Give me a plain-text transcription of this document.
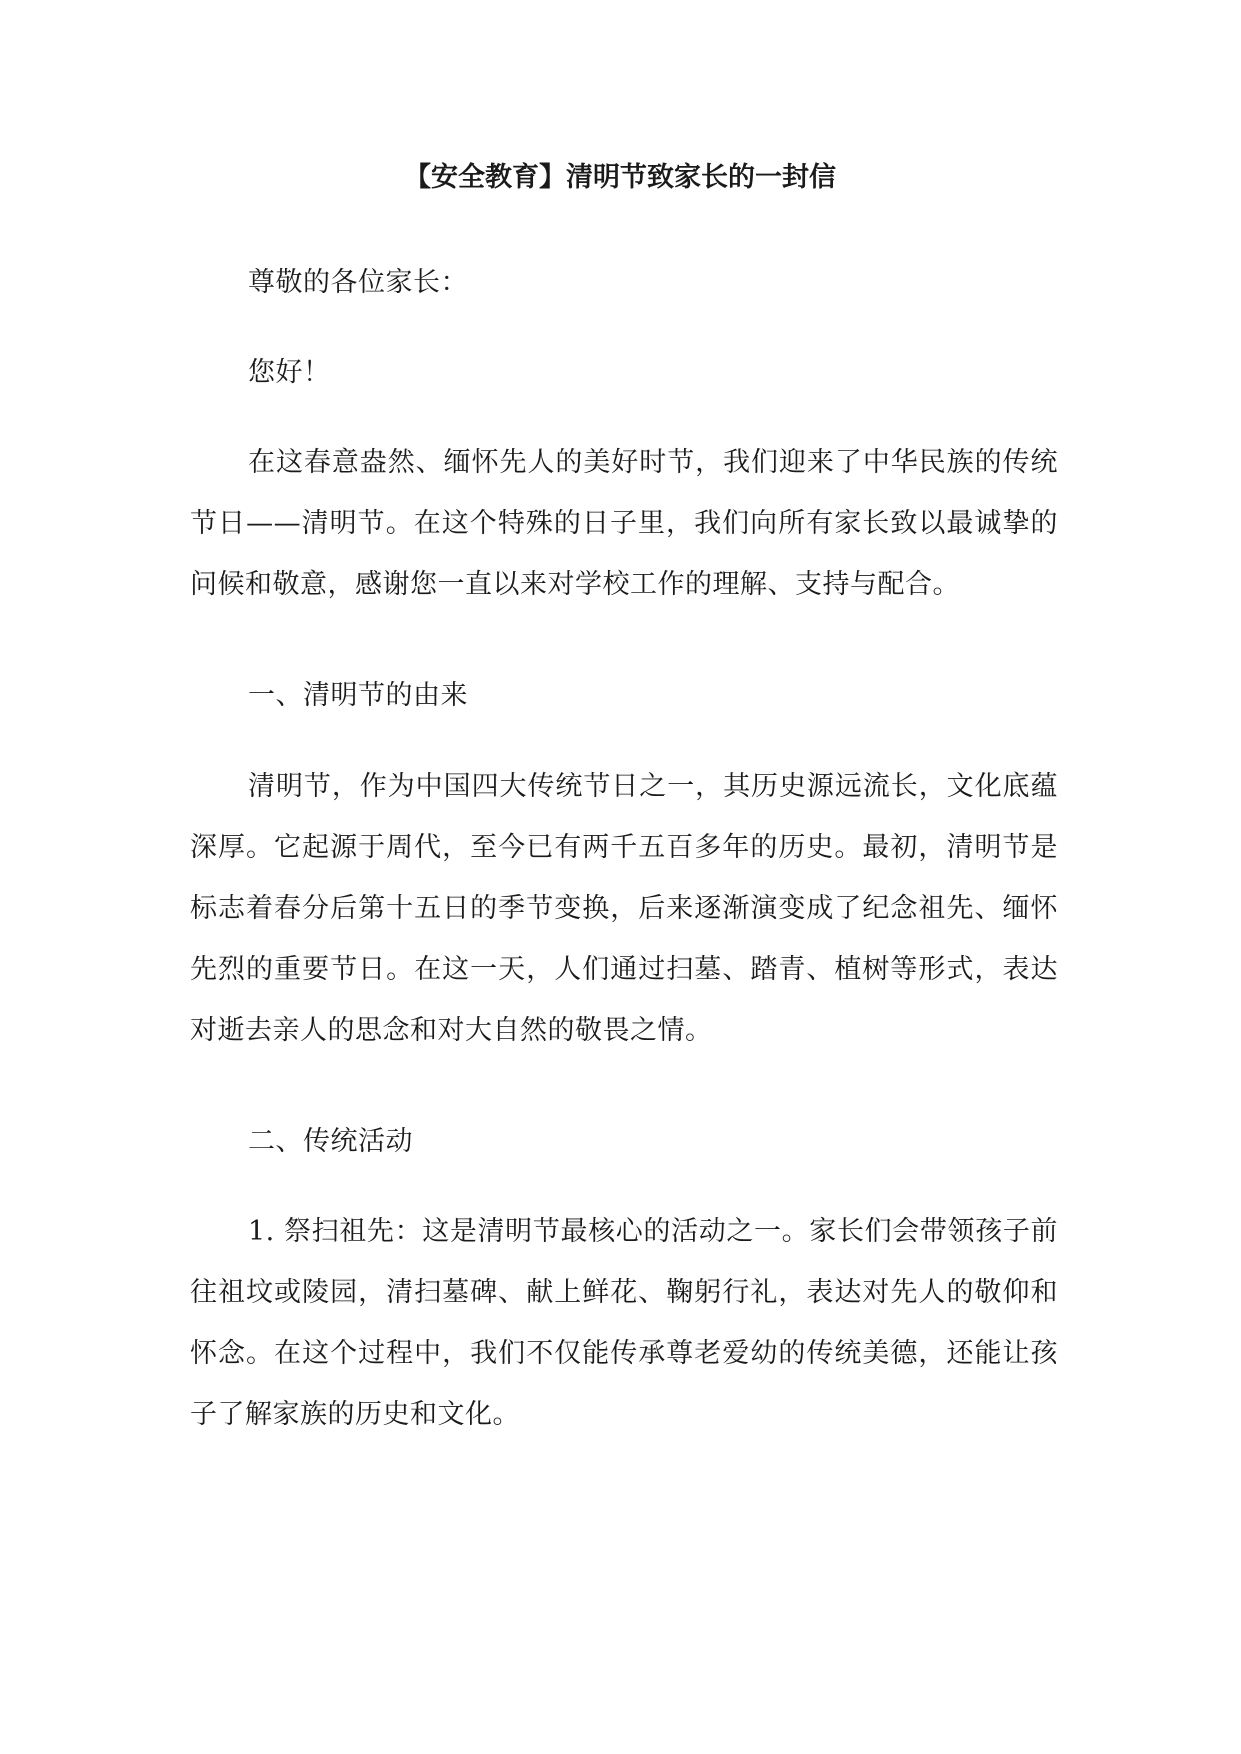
【安全教育】清明节致家长的一封信

尊敬的各位家长：

您好！

在这春意盎然、缅怀先人的美好时节，我们迎来了中华民族的传统节日——清明节。在这个特殊的日子里，我们向所有家长致以最诚挚的问候和敬意，感谢您一直以来对学校工作的理解、支持与配合。

一、清明节的由来

清明节，作为中国四大传统节日之一，其历史源远流长，文化底蕴深厚。它起源于周代，至今已有两千五百多年的历史。最初，清明节是标志着春分后第十五日的季节变换，后来逐渐演变成了纪念祖先、缅怀先烈的重要节日。在这一天，人们通过扫墓、踏青、植树等形式，表达对逝去亲人的思念和对大自然的敬畏之情。

二、传统活动

1. 祭扫祖先：这是清明节最核心的活动之一。家长们会带领孩子前往祖坟或陵园，清扫墓碑、献上鲜花、鞠躬行礼，表达对先人的敬仰和怀念。在这个过程中，我们不仅能传承尊老爱幼的传统美德，还能让孩子了解家族的历史和文化。
